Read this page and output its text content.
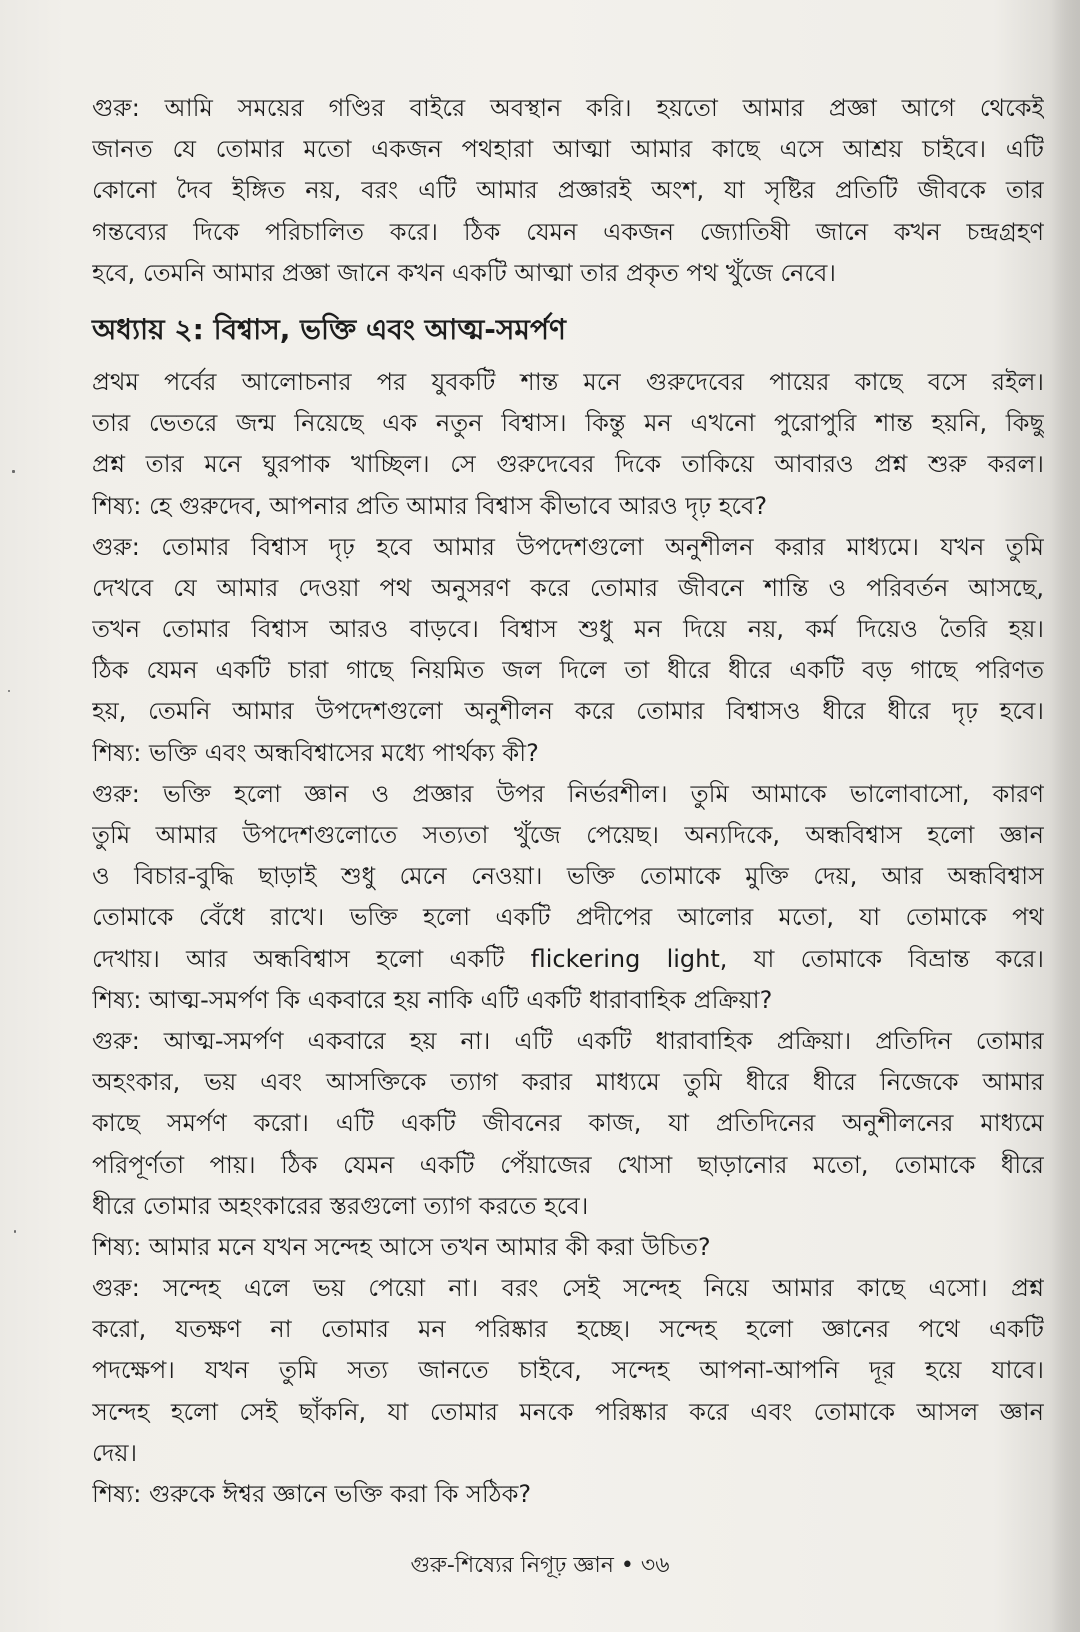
গুরু: আমি সময়ের গণ্ডির বাইরে অবস্থান করি। হয়তো আমার প্রজ্ঞা আগে থেকেই
জানত যে তোমার মতো একজন পথহারা আত্মা আমার কাছে এসে আশ্রয় চাইবে। এটি
কোনো দৈব ইঙ্গিত নয়, বরং এটি আমার প্রজ্ঞারই অংশ, যা সৃষ্টির প্রতিটি জীবকে তার
গন্তব্যের দিকে পরিচালিত করে। ঠিক যেমন একজন জ্যোতিষী জানে কখন চন্দ্রগ্রহণ
হবে, তেমনি আমার প্রজ্ঞা জানে কখন একটি আত্মা তার প্রকৃত পথ খুঁজে নেবে।
অধ্যায় ২: বিশ্বাস, ভক্তি এবং আত্ম-সমর্পণ
প্রথম পর্বের আলোচনার পর যুবকটি শান্ত মনে গুরুদেবের পায়ের কাছে বসে রইল।
তার ভেতরে জন্ম নিয়েছে এক নতুন বিশ্বাস। কিন্তু মন এখনো পুরোপুরি শান্ত হয়নি, কিছু
প্রশ্ন তার মনে ঘুরপাক খাচ্ছিল। সে গুরুদেবের দিকে তাকিয়ে আবারও প্রশ্ন শুরু করল।
শিষ্য: হে গুরুদেব, আপনার প্রতি আমার বিশ্বাস কীভাবে আরও দৃঢ় হবে?
গুরু: তোমার বিশ্বাস দৃঢ় হবে আমার উপদেশগুলো অনুশীলন করার মাধ্যমে। যখন তুমি
দেখবে যে আমার দেওয়া পথ অনুসরণ করে তোমার জীবনে শান্তি ও পরিবর্তন আসছে,
তখন তোমার বিশ্বাস আরও বাড়বে। বিশ্বাস শুধু মন দিয়ে নয়, কর্ম দিয়েও তৈরি হয়।
ঠিক যেমন একটি চারা গাছে নিয়মিত জল দিলে তা ধীরে ধীরে একটি বড় গাছে পরিণত
হয়, তেমনি আমার উপদেশগুলো অনুশীলন করে তোমার বিশ্বাসও ধীরে ধীরে দৃঢ় হবে।
শিষ্য: ভক্তি এবং অন্ধবিশ্বাসের মধ্যে পার্থক্য কী?
গুরু: ভক্তি হলো জ্ঞান ও প্রজ্ঞার উপর নির্ভরশীল। তুমি আমাকে ভালোবাসো, কারণ
তুমি আমার উপদেশগুলোতে সত্যতা খুঁজে পেয়েছ। অন্যদিকে, অন্ধবিশ্বাস হলো জ্ঞান
ও বিচার-বুদ্ধি ছাড়াই শুধু মেনে নেওয়া। ভক্তি তোমাকে মুক্তি দেয়, আর অন্ধবিশ্বাস
তোমাকে বেঁধে রাখে। ভক্তি হলো একটি প্রদীপের আলোর মতো, যা তোমাকে পথ
দেখায়। আর অন্ধবিশ্বাস হলো একটি flickering light, যা তোমাকে বিভ্রান্ত করে।
শিষ্য: আত্ম-সমর্পণ কি একবারে হয় নাকি এটি একটি ধারাবাহিক প্রক্রিয়া?
গুরু: আত্ম-সমর্পণ একবারে হয় না। এটি একটি ধারাবাহিক প্রক্রিয়া। প্রতিদিন তোমার
অহংকার, ভয় এবং আসক্তিকে ত্যাগ করার মাধ্যমে তুমি ধীরে ধীরে নিজেকে আমার
কাছে সমর্পণ করো। এটি একটি জীবনের কাজ, যা প্রতিদিনের অনুশীলনের মাধ্যমে
পরিপূর্ণতা পায়। ঠিক যেমন একটি পেঁয়াজের খোসা ছাড়ানোর মতো, তোমাকে ধীরে
ধীরে তোমার অহংকারের স্তরগুলো ত্যাগ করতে হবে।
শিষ্য: আমার মনে যখন সন্দেহ আসে তখন আমার কী করা উচিত?
গুরু: সন্দেহ এলে ভয় পেয়ো না। বরং সেই সন্দেহ নিয়ে আমার কাছে এসো। প্রশ্ন
করো, যতক্ষণ না তোমার মন পরিষ্কার হচ্ছে। সন্দেহ হলো জ্ঞানের পথে একটি
পদক্ষেপ। যখন তুমি সত্য জানতে চাইবে, সন্দেহ আপনা-আপনি দূর হয়ে যাবে।
সন্দেহ হলো সেই ছাঁকনি, যা তোমার মনকে পরিষ্কার করে এবং তোমাকে আসল জ্ঞান
দেয়।
শিষ্য: গুরুকে ঈশ্বর জ্ঞানে ভক্তি করা কি সঠিক?
গুরু-শিষ্যের নিগূঢ় জ্ঞান • ৩৬
